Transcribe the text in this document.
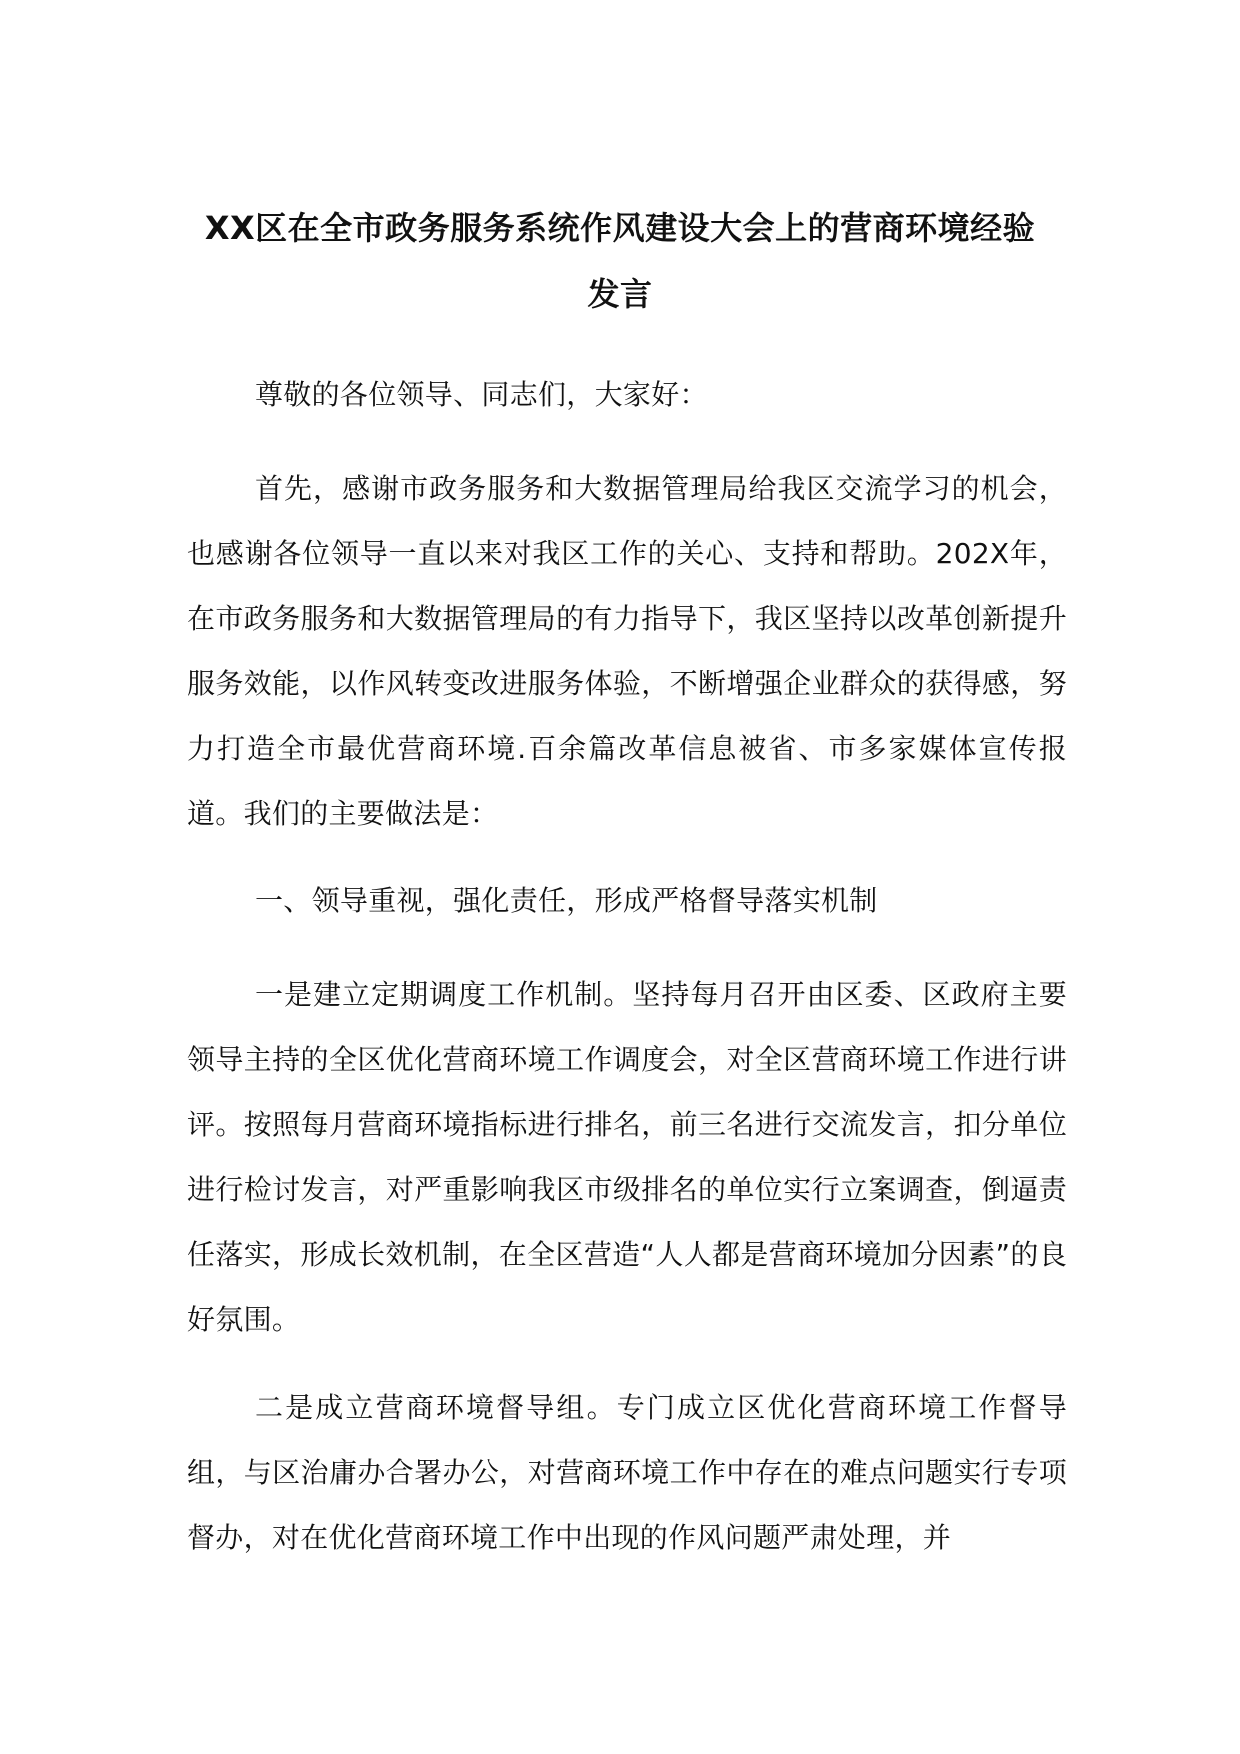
XX区在全市政务服务系统作风建设大会上的营商环境经验
发言

尊敬的各位领导、同志们，大家好：

首先，感谢市政务服务和大数据管理局给我区交流学习的机会，也感谢各位领导一直以来对我区工作的关心、支持和帮助。202X年，在市政务服务和大数据管理局的有力指导下，我区坚持以改革创新提升服务效能，以作风转变改进服务体验，不断增强企业群众的获得感，努力打造全市最优营商环境.百余篇改革信息被省、市多家媒体宣传报道。我们的主要做法是：

一、领导重视，强化责任，形成严格督导落实机制

一是建立定期调度工作机制。坚持每月召开由区委、区政府主要领导主持的全区优化营商环境工作调度会，对全区营商环境工作进行讲评。按照每月营商环境指标进行排名，前三名进行交流发言，扣分单位进行检讨发言，对严重影响我区市级排名的单位实行立案调查，倒逼责任落实，形成长效机制，在全区营造“人人都是营商环境加分因素”的良好氛围。

二是成立营商环境督导组。专门成立区优化营商环境工作督导组，与区治庸办合署办公，对营商环境工作中存在的难点问题实行专项督办，对在优化营商环境工作中出现的作风问题严肃处理，并
